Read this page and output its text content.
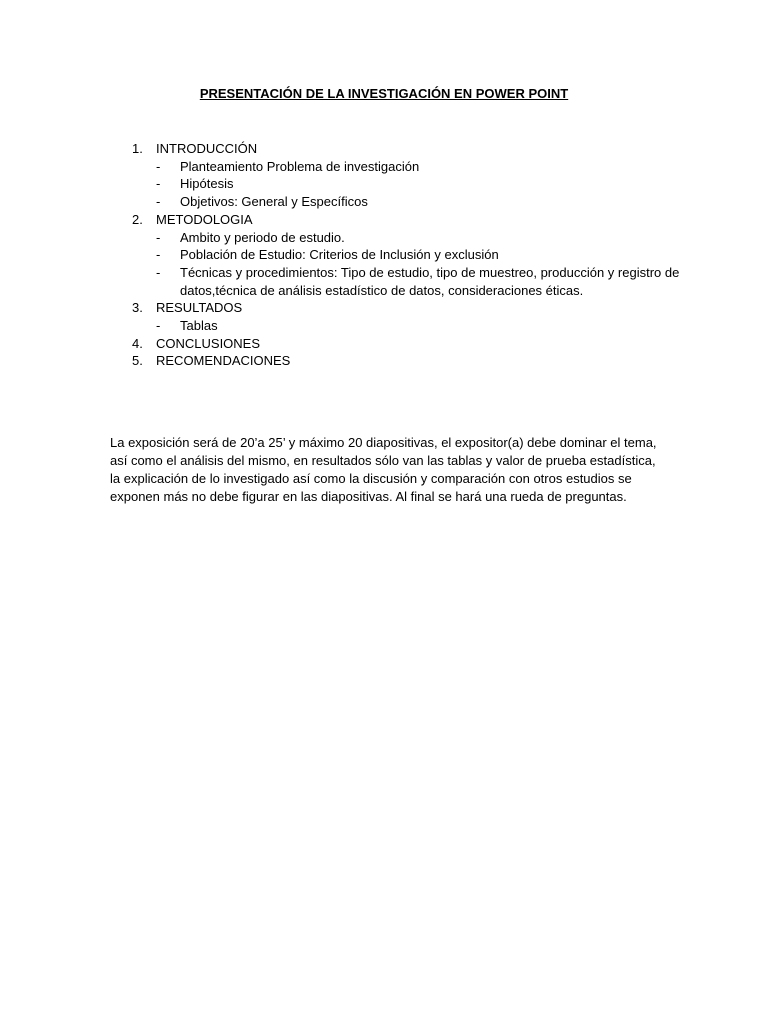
PRESENTACIÓN DE LA INVESTIGACIÓN EN POWER POINT
1.	INTRODUCCIÓN
-	Planteamiento Problema de investigación
-	Hipótesis
-	Objetivos: General y Específicos
2.	METODOLOGIA
-	Ambito y periodo de estudio.
-	Población de Estudio: Criterios de Inclusión y exclusión
-	Técnicas y procedimientos: Tipo de estudio, tipo de muestreo, producción y registro de datos,técnica de análisis estadístico de datos, consideraciones éticas.
3.	RESULTADOS
-	Tablas
4.	CONCLUSIONES
5.	RECOMENDACIONES
La exposición será de 20’a 25’ y máximo 20 diapositivas, el expositor(a) debe dominar el tema,
así como el análisis del mismo, en resultados sólo van las tablas y valor de prueba estadística,
la explicación de lo investigado así como la discusión y comparación con otros estudios se
exponen más no debe figurar en las diapositivas. Al final se hará una rueda de preguntas.
